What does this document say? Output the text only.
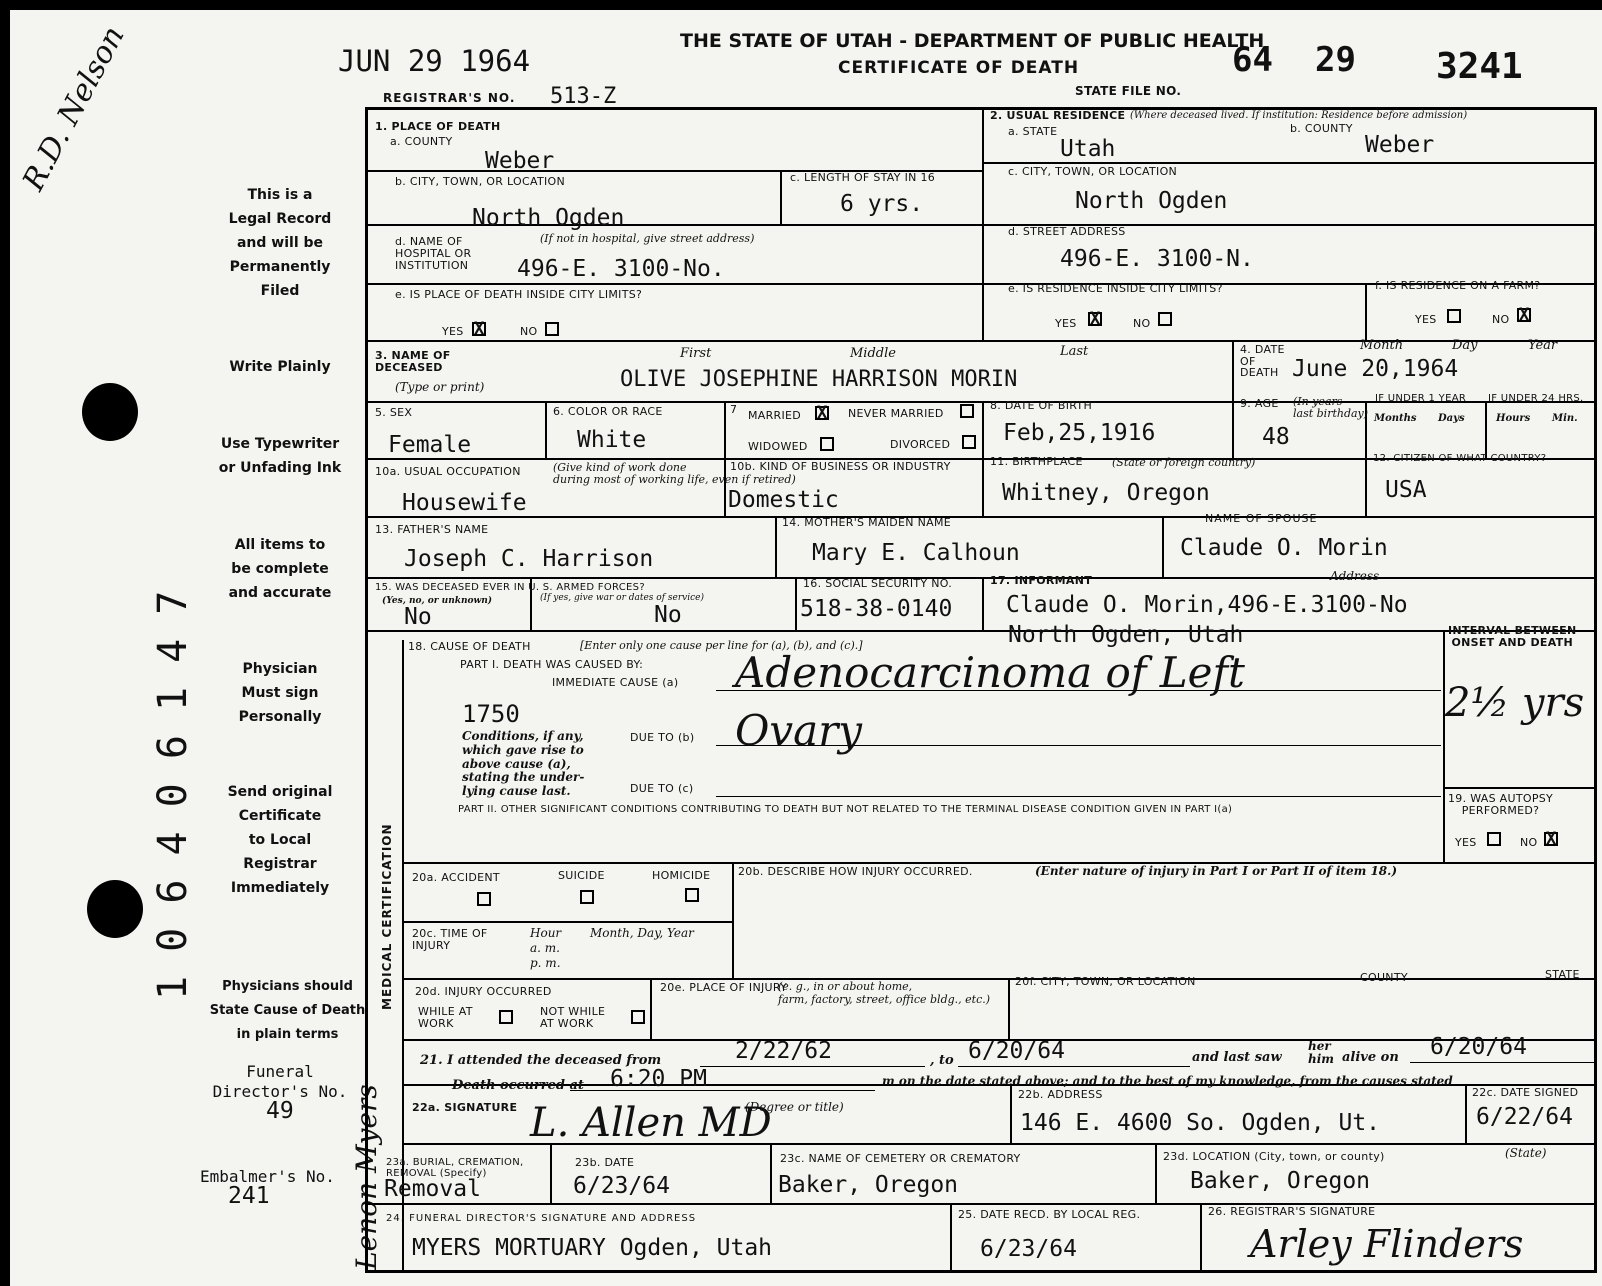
JUN 29 1964
THE STATE OF UTAH - DEPARTMENT OF PUBLIC HEALTH
CERTIFICATE OF DEATH	64 29 3241
STATE FILE NO.
REGISTRAR'S NO. 513-Z
R.D. Nelson
1 0 6 4 0 6 1 4 7
This is a
Legal Record
and will be
Permanently
Filed
Write Plainly
Use Typewriter
or Unfading Ink
All items to
be complete
and accurate
Physician
Must sign
Personally
Send original
Certificate
to Local
Registrar
Immediately
Physicians should
State Cause of Death
in plain terms
Funeral
Director's No.
49
Embalmer's No.
241	Lenon Myers
MEDICAL CERTIFICATION
1. PLACE OF DEATH
a. COUNTY
Weber
2. USUAL RESIDENCE (Where deceased lived. If institution: Residence before admission)
a. STATE
Utah
b. COUNTY
Weber
b. CITY, TOWN, OR LOCATION
North Ogden
c. LENGTH OF STAY IN 16
6 yrs.
c. CITY, TOWN, OR LOCATION
North Ogden
d. NAME OF
HOSPITAL OR
INSTITUTION
(If not in hospital, give street address)
496-E. 3100-No.
d. STREET ADDRESS
496-E. 3100-N.
e. IS PLACE OF DEATH INSIDE CITY LIMITS?
YES X	NO
e. IS RESIDENCE INSIDE CITY LIMITS?
YES X	NO
f. IS RESIDENCE ON A FARM?
YES	NO
X
3. NAME OF
DECEASED
(Type or print)
First	Middle	Last
OLIVE JOSEPHINE HARRISON MORIN
4. DATE
OF
DEATH
Month	Day	Year
June 20,1964
5. SEX
Female
6. COLOR OR RACE
White
7 MARRIED X	NEVER MARRIED
WIDOWED	DIVORCED
8. DATE OF BIRTH
Feb,25,1916
9. AGE (In years
last birthday)
48
IF UNDER 1 YEAR IF UNDER 24 HRS.
Months Days	Hours Min.
10a. USUAL OCCUPATION	(Give kind of work done
during most of working life, even if retired)
Housewife
10b. KIND OF BUSINESS OR INDUSTRY
Domestic
11. BIRTHPLACE	(State or foreign country)
Whitney, Oregon
12. CITIZEN OF WHAT COUNTRY?
USA
13. FATHER'S NAME
Joseph C. Harrison
14. MOTHER'S MAIDEN NAME
Mary E. Calhoun
NAME OF SPOUSE
Claude O. Morin
15. WAS DECEASED EVER IN U. S. ARMED FORCES?
(Yes, no, or unknown)	(If yes, give war or dates of service)
No	No
16. SOCIAL SECURITY NO.
518-38-0140
17. INFORMANT	Address
Claude O. Morin,496-E.3100-No
North Ogden, Utah
18. CAUSE OF DEATH	[Enter only one cause per line for (a), (b), and (c).]
PART I. DEATH WAS CAUSED BY:
IMMEDIATE CAUSE (a) Adenocarcinoma of Left
1750
Conditions, if any,
which gave rise to
above cause (a),
stating the under-
lying cause last.
DUE TO (b) Ovary
DUE TO (c)
PART II. OTHER SIGNIFICANT CONDITIONS CONTRIBUTING TO DEATH BUT NOT RELATED TO THE TERMINAL DISEASE CONDITION GIVEN IN PART I(a)
INTERVAL BETWEEN
ONSET AND DEATH
2½ yrs
19. WAS AUTOPSY
PERFORMED?
YES	NO
X
20a. ACCIDENT	SUICIDE	HOMICIDE	20b. DESCRIBE HOW INJURY OCCURRED.	(Enter nature of injury in Part I or Part II of item 18.)
20c. TIME OF
INJURY
Hour
a. m.
p. m.
Month, Day, Year
20d. INJURY OCCURRED
WHILE AT
WORK
NOT WHILE
AT WORK
20e. PLACE OF INJURY
(e. g., in or about home,
farm, factory, street, office bldg., etc.)
20f. CITY, TOWN, OR LOCATION	COUNTY	STATE
21. I attended the deceased from	2/22/62	, to 6/20/64	and last saw
her
him alive on 6/20/64
Death occurred at 6:20 PM	m on the date stated above; and to the best of my knowledge, from the causes stated
22a. SIGNATURE	(Degree or title)
L. Allen MD
22b. ADDRESS
146 E. 4600 So. Ogden, Ut.
22c. DATE SIGNED
6/22/64
23a. BURIAL, CREMATION,
REMOVAL (Specify)
Removal
23b. DATE
6/23/64
23c. NAME OF CEMETERY OR CREMATORY
Baker, Oregon
23d. LOCATION (City, town, or county)	(State)
Baker, Oregon
24. FUNERAL DIRECTOR'S SIGNATURE AND ADDRESS
MYERS MORTUARY Ogden, Utah
25. DATE RECD. BY LOCAL REG.
6/23/64
26. REGISTRAR'S SIGNATURE
Arley Flinders
